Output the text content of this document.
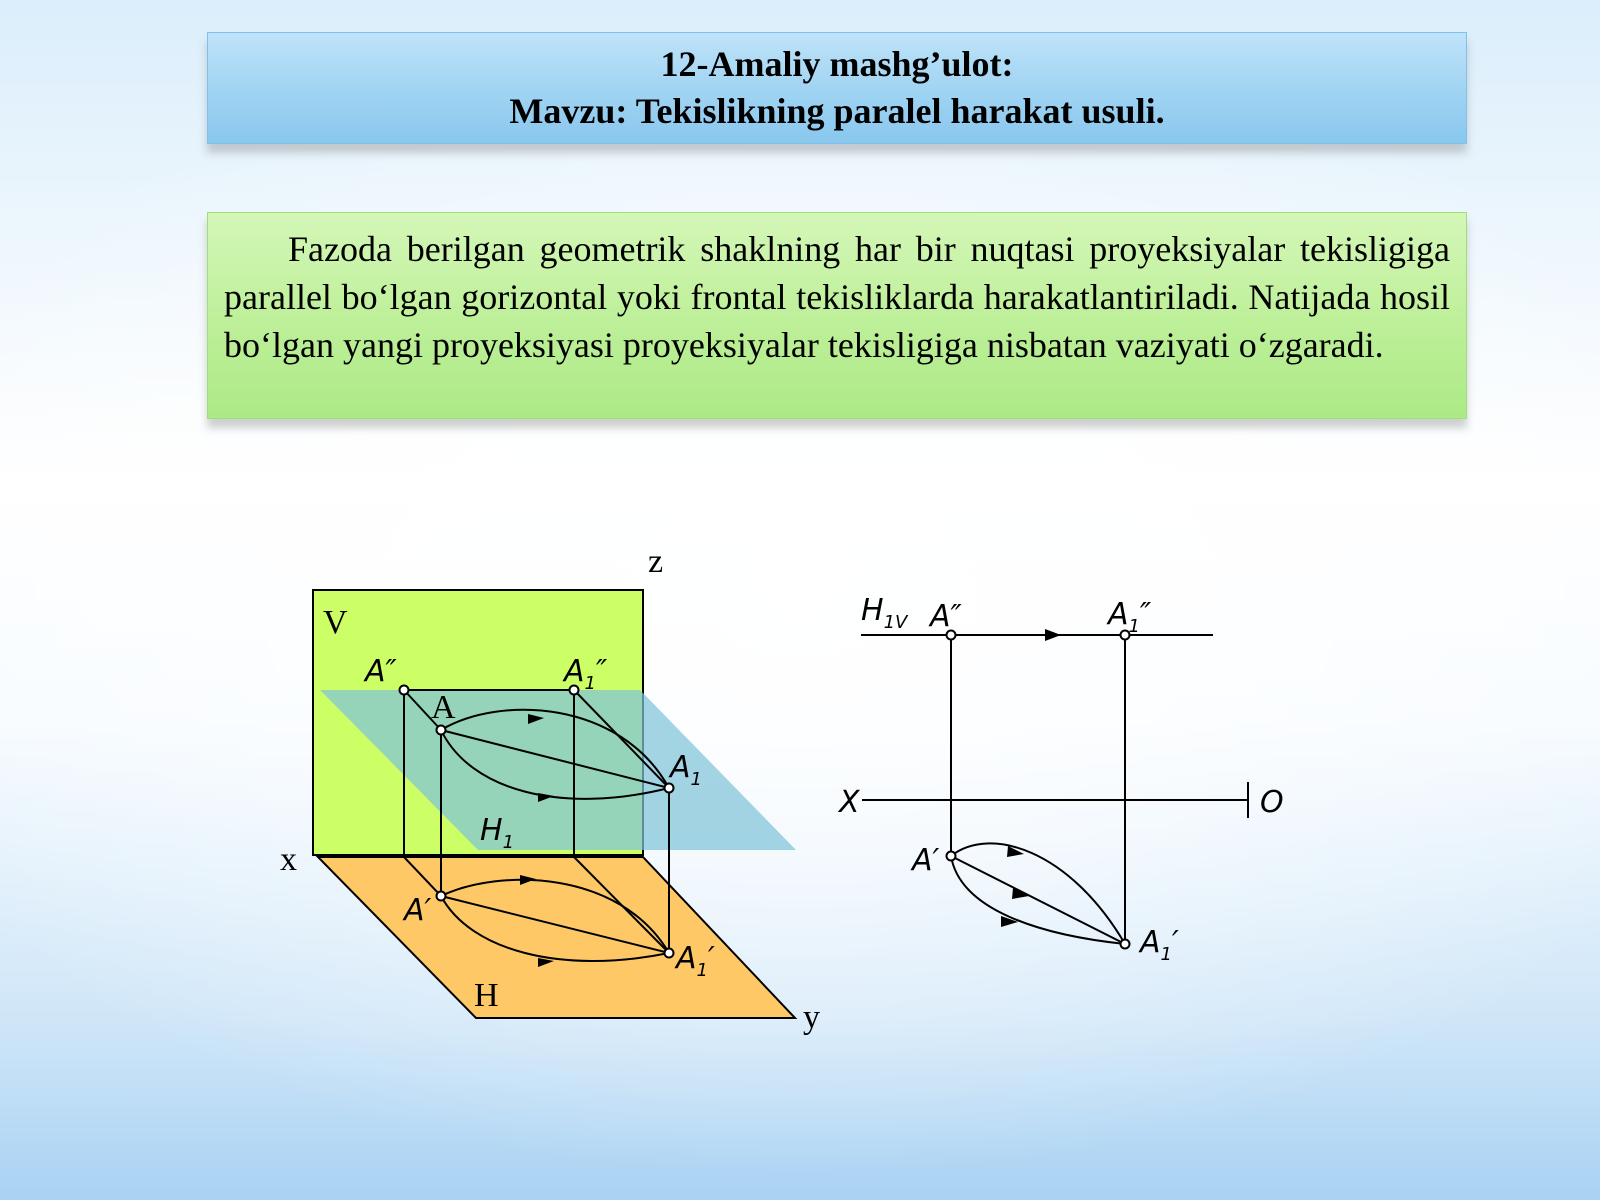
12-Amaliy mashg’ulot:
Mavzu: Tekislikning paralel harakat usuli.

Fazoda berilgan geometrik shaklning har bir nuqtasi proyeksiyalar tekisligiga parallel bo‘lgan gorizontal yoki frontal tekisliklarda harakatlantiriladi. Natijada hosil bo‘lgan yangi proyeksiyasi proyeksiyalar tekisligiga nisbatan vaziyati o‘zgaradi.

z
x
y
V
H
A
A″	A1″
A1
H1
A′
A1′
H1V A″	A1″
X	O
A′
A1′
